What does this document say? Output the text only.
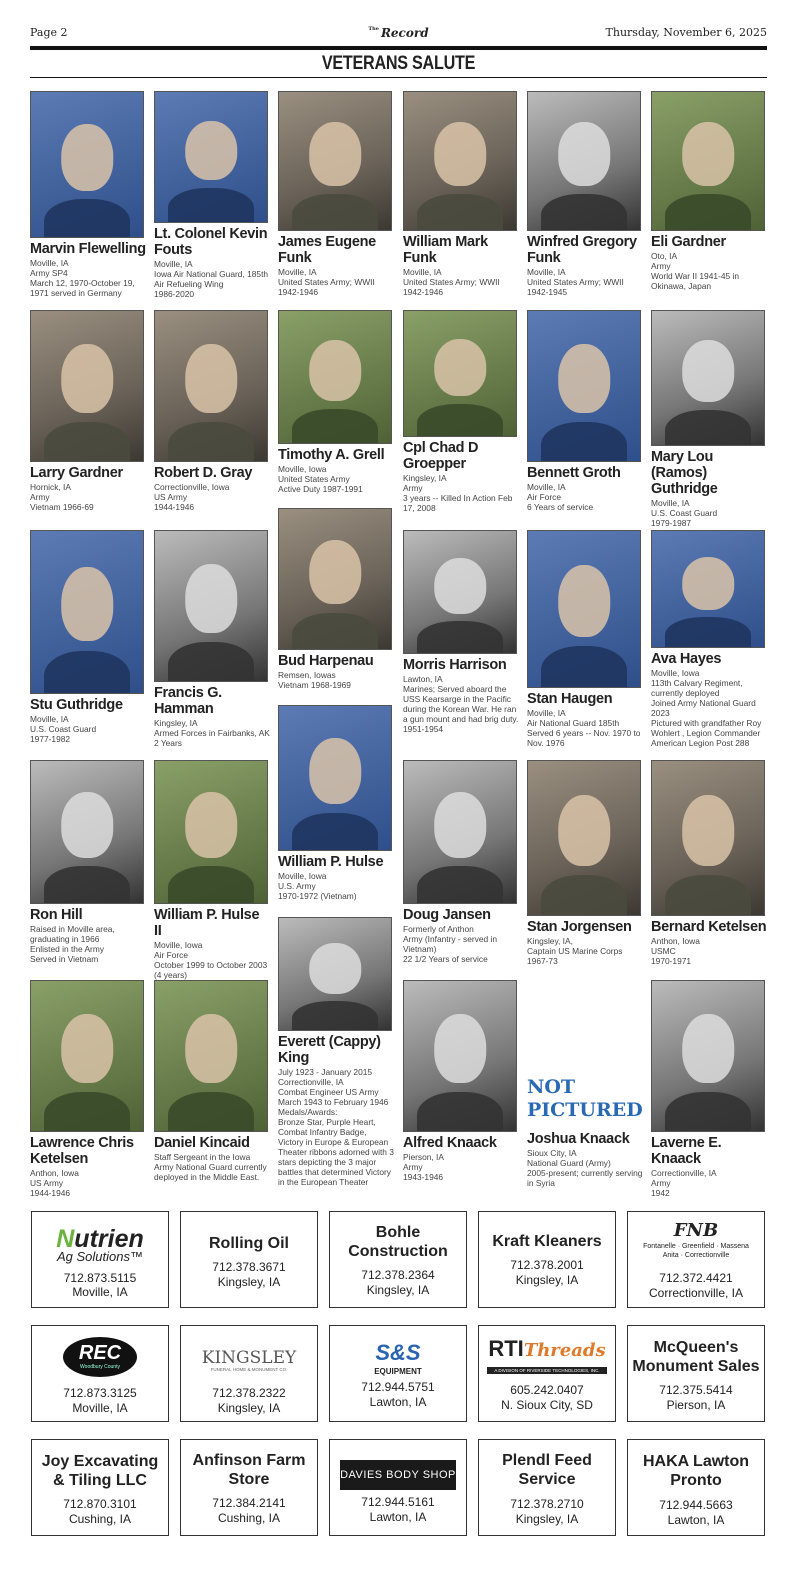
Page 2	$^{The}$ Record	Thursday, November 6, 2025
VETERANS SALUTE
Marvin Flewelling
Moville, IA
Army SP4
March 12, 1970-October 19, 1971 served in Germany
Lt. Colonel Kevin Fouts
Moville, IA
Iowa Air National Guard, 185th Air Refueling Wing
1986-2020
James Eugene Funk
Moville, IA
United States Army; WWII
1942-1946
William Mark Funk
Moville, IA
United States Army; WWII
1942-1946
Winfred Gregory Funk
Moville, IA
United States Army; WWII
1942-1945
Eli Gardner
Oto, IA
Army
World War II 1941-45 in Okinawa, Japan
Larry Gardner
Hornick, IA
Army
Vietnam 1966-69
Robert D. Gray
Correctionville, Iowa
US Army
1944-1946
Timothy A. Grell
Moville, Iowa
United States Army
Active Duty 1987-1991
Cpl Chad D Groepper
Kingsley, IA
Army
3 years -- Killed In Action Feb 17, 2008
Bennett Groth
Moville, IA
Air Force
6 Years of service
Mary Lou (Ramos) Guthridge
Moville, IA
U.S. Coast Guard
1979-1987
Stu Guthridge
Moville, IA
U.S. Coast Guard
1977-1982
Francis G. Hamman
Kingsley, IA
Armed Forces in Fairbanks, AK
2 Years
Bud Harpenau
Remsen, Iowas
Vietnam 1968-1969
Morris Harrison
Lawton, IA
Marines; Served aboard the USS Kearsarge in the Pacific during the Korean War. He ran a gun mount and had brig duty.
1951-1954
Stan Haugen
Moville, IA
Air National Guard 185th
Served 6 years -- Nov. 1970 to Nov. 1976
Ava Hayes
Moville, Iowa
113th Calvary Regiment, currently deployed
Joined Army National Guard 2023
Pictured with grandfather Roy Wohlert , Legion Commander American Legion Post 288
Ron Hill
Raised in Moville area, graduating in 1966
Enlisted in the Army
Served in Vietnam
William P. Hulse II
Moville, Iowa
Air Force
October 1999 to October 2003 (4 years)
William P. Hulse
Moville, Iowa
U.S. Army
1970-1972 (Vietnam)
Doug Jansen
Formerly of Anthon
Army (Infantry - served in Vietnam)
22 1/2 Years of service
Stan Jorgensen
Kingsley, IA,
Captain US Marine Corps
1967-73
Bernard Ketelsen
Anthon, Iowa
USMC
1970-1971
Lawrence Chris Ketelsen
Anthon, Iowa
US Army
1944-1946
Daniel Kincaid
Staff Sergeant in the Iowa Army National Guard currently deployed in the Middle East.
Everett (Cappy) King
July 1923 - January 2015
Correctionville, IA
Combat Engineer US Army
March 1943 to February 1946
Medals/Awards:
Bronze Star, Purple Heart, Combat Infantry Badge, Victory in Europe & European Theater ribbons adorned with 3 stars depicting the 3 major battles that determined Victory in the European Theater
Alfred Knaack
Pierson, IA
Army
1943-1946
NOT
PICTURED
Joshua Knaack
Sioux City, IA
National Guard (Army)
2005-present; currently serving in Syria
Laverne E. Knaack
Correctionville, IA
Army
1942
Nutrien
Ag Solutions™
712.873.5115
Moville, IA
Rolling Oil
712.378.3671
Kingsley, IA
Bohle Construction
712.378.2364
Kingsley, IA
Kraft Kleaners
712.378.2001
Kingsley, IA
FNB
Fontanelle · Greenfield · Massena
Anita · Correctionville
712.372.4421
Correctionville, IA
REC
Woodbury County
712.873.3125
Moville, IA
KINGSLEY
FUNERAL HOME & MONUMENT CO.
712.378.2322
Kingsley, IA
S&S
EQUIPMENT
712.944.5751
Lawton, IA
RTIThreads
A DIVISION OF RIVERSIDE TECHNOLOGIES, INC.
605.242.0407
N. Sioux City, SD
McQueen's Monument Sales
712.375.5414
Pierson, IA
Joy Excavating & Tiling LLC
712.870.3101
Cushing, IA
Anfinson Farm Store
712.384.2141
Cushing, IA
DAVIES BODY SHOP
712.944.5161
Lawton, IA
Plendl Feed Service
712.378.2710
Kingsley, IA
HAKA Lawton Pronto
712.944.5663
Lawton, IA
